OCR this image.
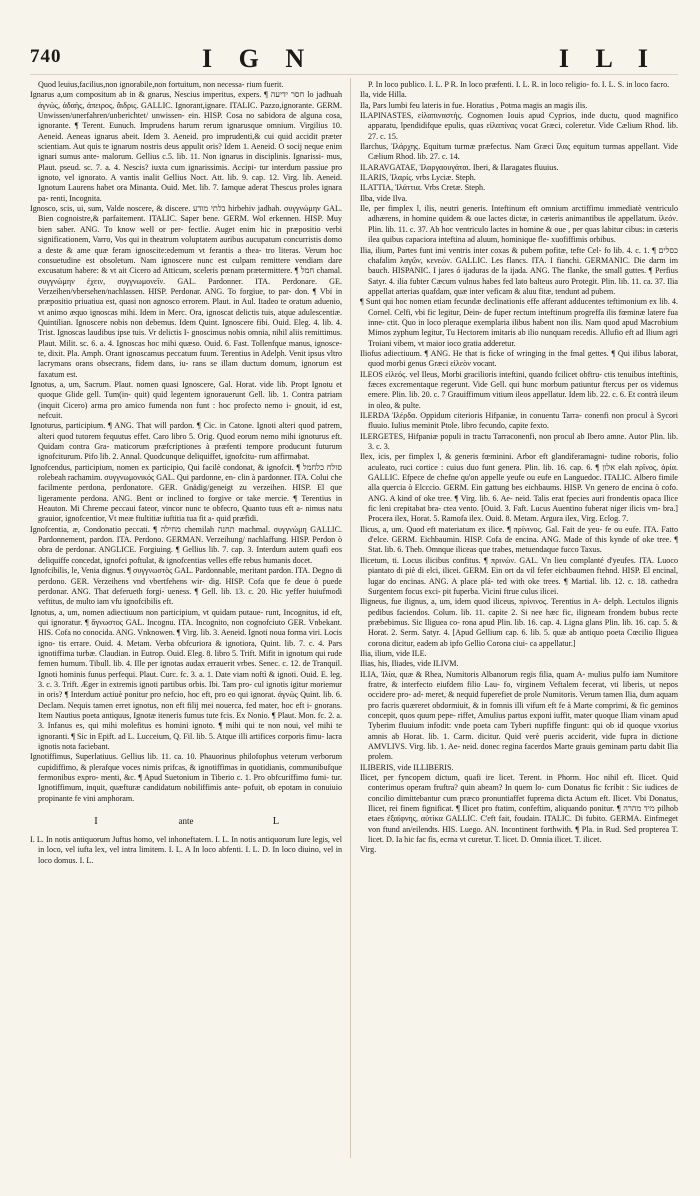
740	I G N	I L I

Quod leuius,facilius,non ignorabile,non fortuitum, non necessa- rium fuerit.

Ignarus a,um compositum ab in & gnarus, Nescius imperitus, expers. ¶ חסר ידיעה lo jadhuah ἀγνὼς, ἀδαὴς, ἀπειρος, ἄιδρις. GALLIC. Ignorant,ignare. ITALIC. Pazzo,ignorante. GERM. Unwissen/unerfahren/unberichtet/ unwissen- ein. HISP. Cosa no sabidora de alguna cosa, ignorante. ¶ Terent. Eunuch. Imprudens harum rerum ignarusque omnium. Virgilius 10. Aeneid. Aeneas ignarus abeit. Idem 3. Aeneid. pro imprudenti,& cui quid accidit præter scientiam. Aut quis te ignarum nostris deus appulit oris? Idem 1. Aeneid. O socij neque enim ignari sumus ante- malorum. Gellius c.5. lib. 11. Non ignarus in disciplinis. Ignarissi- mus, Plaut. pseud. sc. 7. a. 4. Nescis? iuxta cum ignarissimis. Accipi- tur interdum passiue pro ignoto, vel ignorato. A vantis inalit Gellius Noct. Att. lib. 9. cap. 12. Virg. lib. Aeneid. Ignotum Laurens habet ora Minanta. Ouid. Met. lib. 7. Iamque aderat Thescus proles ignara pa- renti, Incognita.

Ignosco, scis, ui, sum, Valde noscere, & discere. בלתי מודע hirbehiv jadhah. συγγνώμην GAL. Bien cognoistre,& parfaitement. ITALIC. Saper bene. GERM. Wol erkennen. HISP. Muy bien saber. ANG. To know well or per- fectlie. Auget enim hic in præpositio verbi significationem, Varro, Vos qui in theatrum voluptatem auribus aucupatum concurristis domo a deste & ame quæ feram ignoscite:edemum vt ferantis a thea- tro literas. Verum hoc consuetudine est obsoletum. Nam ignoscere nunc est culpam remittere vendiam dare excusatum habere: & vt ait Cicero ad Atticum, sceleris pœnam prætermittere. ¶ חמל chamal. συγγνώμην ἐχειν, συγγνωμονεῖν. GAL. Pardonner. ITA. Perdonare. GE. Verzeihen/vbersehen/nachlassen. HISP. Perdonar. ANG. To forgiue, to par- don. ¶ Vbi in præpositio priuatiua est, quasi non agnosco errorem. Plaut. in Aul. Itadeo te oratum aduenio, vt animo æquo ignoscas mihi. Idem in Merc. Ora, ignoscat delictis tuis, atque adulescentiæ. Quintilian. Ignoscere nobis non debemus. Idem Quint. Ignoscere fibi. Ouid. Eleg. 4. lib. 4. Trist. Ignoscas laudibus ipse tuis. Vr delictis I- gnoscimus nobis omnia, nihil aliis remittimus. Plaut. Milit. sc. 6. a. 4. Ignoscas hoc mihi quæso. Ouid. 6. Fast. Tollenfque manus, ignosce- te, dixit. Pla. Amph. Orant ignoscamus peccatum fuum. Terentius in Adelph. Venit ipsus vltro lacrymans orans obsecrans, fidem dans, iu- rans se illam ductum domum, ignorum est faxatum est.

Ignotus, a, um, Sacrum. Plaut. nomen quasi Ignoscere, Gal. Horat. vide lib. Propt Ignotu et quoque Glide gell. Tum(in- quit) quid legentem ignorauerunt Gell. lib. 1. Contra patriam (inquit Cicero) arma pro amico fumenda non funt : hoc profecto nemo i- gnouit, id est, nefcuit.

Ignoturus, participium. ¶ ANG. That will pardon. ¶ Cic. in Catone. Ignoti alteri quod patrem, alteri quod tutorem fequutus effet. Caro libro 5. Orig. Quod eorum nemo mihi ignoturus eft. Quidam contra Gra- maticorum præfcriptiones à præfenti tempore producunt futurum ignofciturum. Pifo lib. 2. Annal. Quodcunque deliquiffet, ignofcitu- rum affirmabat.

Ignofcendus, participium, nomen ex participio, Qui facilè condonat, & ignofcit. ¶ סולח כלחמל rolebeah rachamim. συγγνωμονικός GAL. Qui pardonne, en- clin à pardonner. ITA. Colui che facilmente perdona, perdonatore. GER. Gnädig/geneigt zu verzeihen. HISP. El que ligeramente perdona. ANG. Bent or inclined to forgive or take mercie. ¶ Terentius in Heauton. Mi Chreme peccaui fateor, vincor nunc te obfecro, Quanto tuus eft a- nimus natu grauior, ignofcentior, Vt meæ ftultitiæ iuftitia tua fit a- quid præfidi.

Ignofcentia, æ, Condonatio peccati. ¶ מחילה chemilah תחנה machmal. συγγνώμη GALLIC. Pardonnement, pardon. ITA. Perdono. GERMAN. Verzeihung/ nachlaffung. HISP. Perdon ò obra de perdonar. ANGLICE. Forgiuing. ¶ Gellius lib. 7. cap. 3. Interdum autem quafi eos deliquiffe concedat, ignofci poftulat, & ignofcentias velles effe rebus humanis docet.

Ignofcibilis, le, Venia dignus. ¶ συγγνωστὸς GAL. Pardonnable, meritant pardon. ITA. Degno di perdono. GER. Verzeihens vnd vbertfehens wir- dig. HISP. Cofa que fe deue ò puede perdonar. ANG. That deferueth forgi- ueness. ¶ Gell. lib. 13. c. 20. Hic yeffer huiufmodi veftitus, de multo iam vfu ignofcibilis eft.

Ignotus, a, um, nomen adiectiuum non participium, vt quidam putaue- runt, Incognitus, id eft, qui ignoratur. ¶ ἄγνωστος GAL. Incognu. ITA. Incognito, non cognofciuto GER. Vnbekant. HIS. Cofa no conocida. ANG. Vnknowen. ¶ Virg. lib. 3. Aeneid. Ignoti noua forma viri. Locis igno- tis errare. Ouid. 4. Metam. Verba obfcuriora & ignotiora, Quint. lib. 7. c. 4. Pars ignotiffima turbæ. Claudian. in Eutrop. Ouid. Eleg. 8. libro 5. Trift. Mifit in ignotum qui rude femen humum. Tibull. lib. 4. Ille per ignotas audax errauerit vrbes. Senec. c. 12. de Tranquil. Ignoti hominis funus perfequi. Plaut. Curc. fc. 3. a. 1. Date viam noftì & ignoti. Ouid. E. leg. 3. c. 3. Trift. Æger in extremis ignoti partibus orbis. Ibi. Tam pro- cul ignotis igitur moriemur in oris? ¶ Interdum actiuè ponitur pro nefcio, hoc eft, pro eo qui ignorat. ἀγνὼς Quint. lib. 6. Declam. Nequis tamen erret ignotus, non eft filij mei nouerca, fed mater, hoc eft i- gnorans. Item Nautius poeta antiquus, Ignotæ iteneris fumus tute fcis. Ex Nonio. ¶ Plaut. Mon. fc. 2. a. 3. Infanus es, qui mihi molefitus es homini ignoto. ¶ mihi qui te non noui, vel mihi te ignoranti. ¶ Sic in Epift. ad L. Lucceium, Q. Fil. lib. 5. Atque illi artifices corporis fimu- lacra ignotis nota faciebant.

Ignotiffimus, Superlatiuus. Gellius lib. 11. ca. 10. Phauorinus philofophus veterum verborum cupidiffimo, & plerafque voces nimis prifcas, & ignotiffimas in quotidianis, communibufque fermonibus expro- menti, &c. ¶ Apud Suetonium in Tiberio c. 1. Pro obfcuriffimo fumi- tur. Ignotiffimum, inquit, quæfturæ candidatum nobiliffimis ante- pofuit, ob epotam in conuiuio propinante fe vini amphoram.

I	ante	L

I. L. In notis antiquorum Juftus homo, vel inhoneftatem. I. L. In notis antiquorum Iure legis, vel in loco, vel iufta lex, vel intra limitem. I. L. A In loco abfenti. I. L. D. In loco diuino, vel in loco domus. I. L.

P. In loco publico. I. L. P R. In loco præfenti. I. L. R. in loco religio- fo. I. L. S. in loco facro.

Ila, vide Hilla.

Ila, Pars lumbi feu lateris in fue. Horatius , Potma magis an magis ilis.

ILAPINASTES, εἰλαπιναστής. Cognomen Iouis apud Cyprios, inde ductu, quod magnifico apparatu, lpendidifque epulis, quas εἰλαπίνας vocat Græci, coleretur. Vide Cælium Rhod. lib. 27. c. 15.

Ilarchus, Ἰλάρχης. Equitum turmæ præfectus. Nam Græci ἴλας equitum turmas appellant. Vide Cælium Rhod. lib. 27. c. 14.

ILARAVGATAE, Ἰλαργαουγάται. Iberi, & Ilaragates fluuius.

ILARIS, Ἰλαρίς. vrbs Lyciæ. Steph.

ILATTIA, Ἰλάττια. Vrbs Cretæ. Steph.

Ilba, vide Ilva.

Ile, per fimplex l, ilis, neutri generis. Inteftinum eft omnium arctiffimu immediatè ventriculo adhærens, in homine quidem & oue lactes dictæ, in cæteris animantibus ile appellatum. ἰλεόν. Plin. lib. 11. c. 37. Ab hoc ventriculo lactes in homine & oue , per quas labitur cibus: in cæteris ilea quibus capaciora inteftina ad aluum, hominique fle- xuofiffimis orbibus.

Ilia, ilium, Partes funt imi ventris inter coxas & pubem pofitæ, tefte Cel- fo lib. 4. c. 1. ¶ כסלים chafalim λαγῶν, κενεών. GALLIC. Les flancs. ITA. I fianchi. GERMANIC. Die darm im bauch. HISPANIC. I jares ó ijaduras de la ijada. ANG. The flanke, the small guttes. ¶ Perfius Satyr. 4. ilia fubter Cæcum vulnus habes fed lato balteus auro Protegit. Plin. lib. 11. ca. 37. Ilia appellat arterias quafdam, quæ inter veficam & aluu fitæ, tendunt ad pubem.

¶ Sunt qui hoc nomen etiam fecundæ declinationis effe afferant adducentes teftimonium ex lib. 4. Cornel. Celfi, vbi fic legitur, Dein- de fuper rectum inteftinum progreffa ilis fœminæ latere fua inne- ctit. Quo in loco pleraque exemplaria ilibus habent non ilis. Nam quod apud Macrobium Mimos zyphum legitur, Tu Hectorem imitaris ab ilio nunquam recedis. Allufio eft ad Ilium agri Troiani vibem, vt maior ioco gratia adderetur.

Iliofus adiectiuum. ¶ ANG. He that is ficke of wringing in the fmal gettes. ¶ Qui ilibus laborat, quod morbi genus Græci εἰλεὸν vocant.

ILEOS εἰλεός. vel Ileus, Morbi gracilioris inteftini, quando fcilicet obftru- ctis tenuibus inteftinis, fæces excrementaque regerunt. Vide Gell. qui hunc morbum patiuntur ftercus per os videmus emere. Plin. lib. 20. c. 7 Grauiffimum vitium ileos appellatur. Idem lib. 22. c. 6. Et contrà ileum in oleo, & pulte.

ILERDA Ἰλέρδα. Oppidum citerioris Hifpaniæ, in conuentu Tarra- conenfi non procul à Sycori fluuio. Iulius meminit Ptole. libro fecundo, capite fexto.

ILERGETES, Hifpaniæ populi in tractu Tarraconenfi, non procul ab Ibero amne. Autor Plin. lib. 3. c. 3.

Ilex, icis, per fimplex l, & generis fœminini. Arbor eft glandiferamagni- tudine roboris, folio aculeato, ruci cortice : cuius duo funt genera. Plin. lib. 16. cap. 6. ¶ אלון elah πρῖνος, ἀρία. GALLIC. Efpece de chefne qu'on appelle yeufe ou eufe en Languedoc. ITALIC. Albero fimile alla quercia ò Elcccio. GERM. Ein gattung bes eichbaums. HISP. Vn genero de encina ò cofo. ANG. A kind of oke tree. ¶ Virg. lib. 6. Ae- neid. Talis erat fpecies auri frondentis opaca Ilice fic leni crepitabat bra- ctea vento. [Ouid. 3. Faft. Lucus Auentino fuberat niger ilicis vm- bra.] Procera ilex, Horat. 5. Ramofa ilex. Ouid. 8. Metam. Argura ilex, Virg. Eclog. 7.

Ilicus, a, um. Quod eft materiatum ex ilice. ¶ πρίνινος. Gal. Fait de yeu- fe ou eufe. ITA. Fatto d'elce. GERM. Eichbaumin. HISP. Cofa de encina. ANG. Made of this kynde of oke tree. ¶ Stat. lib. 6. Theb. Omnque iliceas que trabes, metuendaque fucco Taxus.

Ilicetum, ti. Locus ilicibus confitus. ¶ πρινών. GAL. Vn lieu complanté d'yeufes. ITA. Luoco piantato di piè di elci, ilicei. GERM. Ein ort da vil fefer eichbaumen ftehnd. HISP. El encinal, lugar do encinas. ANG. A place plá- ted with oke trees. ¶ Martial. lib. 12. c. 18. cathedra Surgentem focus exci- pit fuperba. Vicini ftrue culus ilicei.

Iligneus, fue ilignus, a, um, idem quod iliceus, πρίνινος. Terentius in A- delph. Lectulos ilignis pedibus faciendos. Colum. lib. 11. capite 2. Si nee hæc fic, iligneam frondem bubus recte præbebimus. Sic Iliguea co- rona apud Plin. lib. 16. cap. 4. Ligna glans Plin. lib. 16. cap. 5. & Horat. 2. Serm. Satyr. 4. [Apud Gellium cap. 6. lib. 5. quæ ab antiquo poeta Cœcilio Iliguea corona dicitur, eadem ab ipfo Gellio Corona ciui- ca appellatur.]

Ilia, ilium, vide ILE.

Ilias, his, Iliades, vide ILIVM.

ILIA, Ἰλία, quæ & Rhea, Numitoris Albanorum regis filia, quam A- mulius pulfo iam Numitore fratre, & interfecto eiufdem filio Lau- fo, virginem Veftalem fecerat, vti liberis, ut nepos occidere pro- ad- meret, & nequid fuperefiet de prole Numitoris. Verum tamen Ilia, dum aquam pro facris quæreret obdormiuit, & in fomnis illi vifum eft fe à Marte comprimi, & fic geminos concepit, quos quum pepe- riffet, Amulius partus exponi iuffit, mater quoque Iliam vinam apud Tyberim fluuium infodit: vnde poeta cam Tyberi nupfiffe fingunt: qui ob id quoque vxorius amnis ab Horat. lib. 1. Carm. dicitur. Quid verè pueris acciderit, vide fupra in dictione AMVLIVS. Virg. lib. 1. Ae- neid. donec regina facerdos Marte grauis geminam partu dabit Ilia prolem.

ILIBERIS, vide ILLIBERIS.

Ilicet, per fyncopem dictum, quafi ire licet. Terent. in Phorm. Hoc nihil eft. Ilicet. Quid conterimus operam fruftra? quin abeam? In quem lo- cum Donatus fic fcribit : Sic iudices de concilio dimittebantur cum præco pronuntiaffet fuprema dicta Actum eft. Ilicet. Vbi Donatus, Ilicet, rei finem fignificat. ¶ Ilicet pro ftatim, confeftim, aliquando ponitur. ¶ מיד מהרה pilhob etaes ἐξαίφνης, αὐτίκα GALLIC. C'eft fait, foudain. ITALIC. Di fubito. GERMA. Einfmeget von ftund an/eilendts. HIS. Luego. AN. Incontinent forthwith. ¶ Pla. in Rud. Sed propterea T. licet. D. Ia hic fac fis, ecrna vt curetur. T. licet. D. Omnia ilicet. T. ilicet.

Virg.
